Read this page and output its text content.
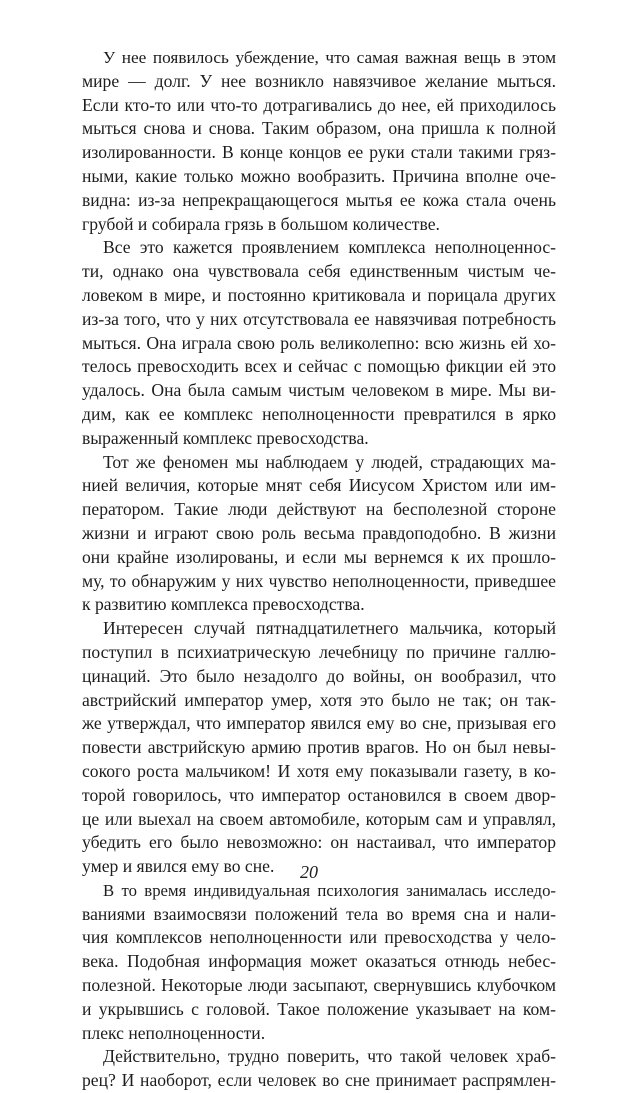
У нее появилось убеждение, что самая важная вещь в этом
мире — долг. У нее возникло навязчивое желание мыться.
Если кто-то или что-то дотрагивались до нее, ей приходилось
мыться снова и снова. Таким образом, она пришла к полной
изолированности. В конце концов ее руки стали такими гряз-
ными, какие только можно вообразить. Причина вполне оче-
видна: из-за непрекращающегося мытья ее кожа стала очень
грубой и собирала грязь в большом количестве.
Все это кажется проявлением комплекса неполноценнос-
ти, однако она чувствовала себя единственным чистым че-
ловеком в мире, и постоянно критиковала и порицала других
из-за того, что у них отсутствовала ее навязчивая потребность
мыться. Она играла свою роль великолепно: всю жизнь ей хо-
телось превосходить всех и сейчас с помощью фикции ей это
удалось. Она была самым чистым человеком в мире. Мы ви-
дим, как ее комплекс неполноценности превратился в ярко
выраженный комплекс превосходства.
Тот же феномен мы наблюдаем у людей, страдающих ма-
нией величия, которые мнят себя Иисусом Христом или им-
ператором. Такие люди действуют на бесполезной стороне
жизни и играют свою роль весьма правдоподобно. В жизни
они крайне изолированы, и если мы вернемся к их прошло-
му, то обнаружим у них чувство неполноценности, приведшее
к развитию комплекса превосходства.
Интересен случай пятнадцатилетнего мальчика, который
поступил в психиатрическую лечебницу по причине галлю-
цинаций. Это было незадолго до войны, он вообразил, что
австрийский император умер, хотя это было не так; он так-
же утверждал, что император явился ему во сне, призывая его
повести австрийскую армию против врагов. Но он был невы-
сокого роста мальчиком! И хотя ему показывали газету, в ко-
торой говорилось, что император остановился в своем двор-
це или выехал на своем автомобиле, которым сам и управлял,
убедить его было невозможно: он настаивал, что император
умер и явился ему во сне.
В то время индивидуальная психология занималась исследо-
ваниями взаимосвязи положений тела во время сна и нали-
чия комплексов неполноценности или превосходства у чело-
века. Подобная информация может оказаться отнюдь небес-
полезной. Некоторые люди засыпают, свернувшись клубочком
и укрывшись с головой. Такое положение указывает на ком-
плекс неполноценности.
Действительно, трудно поверить, что такой человек храб-
рец? И наоборот, если человек во сне принимает распрямлен-
20
